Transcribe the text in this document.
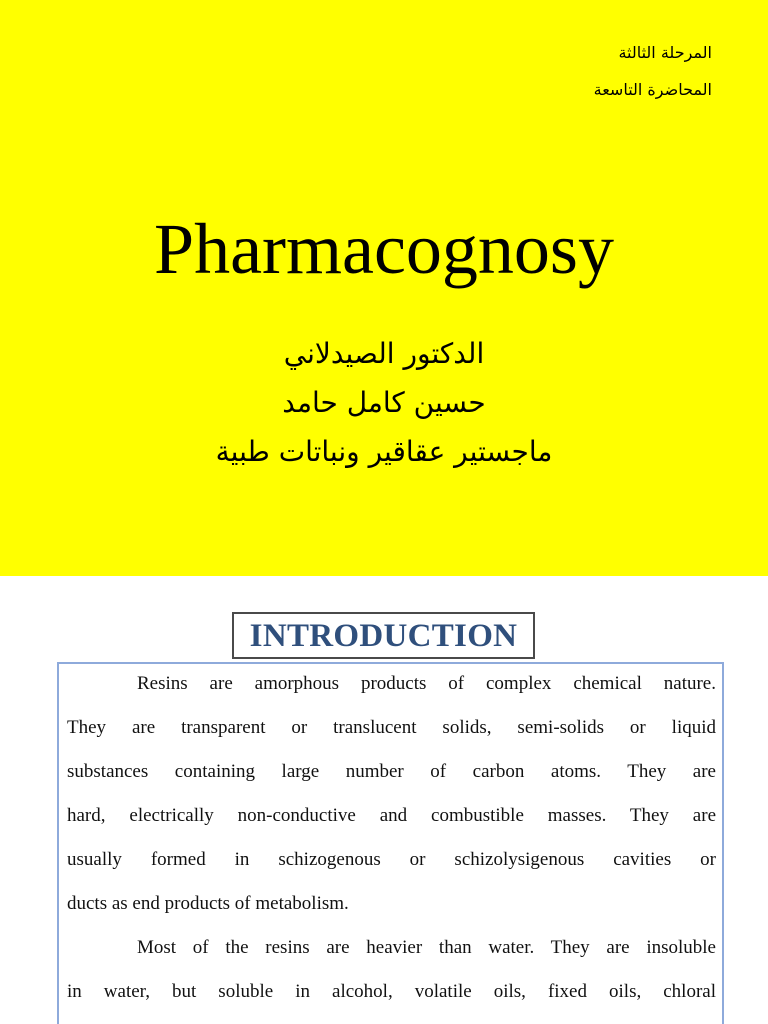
المرحلة الثالثة
المحاضرة التاسعة
Pharmacognosy
الدكتور الصيدلاني
حسين كامل حامد
ماجستير عقاقير ونباتات طبية
INTRODUCTION
Resins are amorphous products of complex chemical nature.
They are transparent or translucent solids, semi-solids or liquid
substances containing large number of carbon atoms. They are
hard, electrically non-conductive and combustible masses. They are
usually formed in schizogenous or schizolysigenous cavities or
ducts as end products of metabolism.
Most of the resins are heavier than water. They are insoluble
in water, but soluble in alcohol, volatile oils, fixed oils, chloral
